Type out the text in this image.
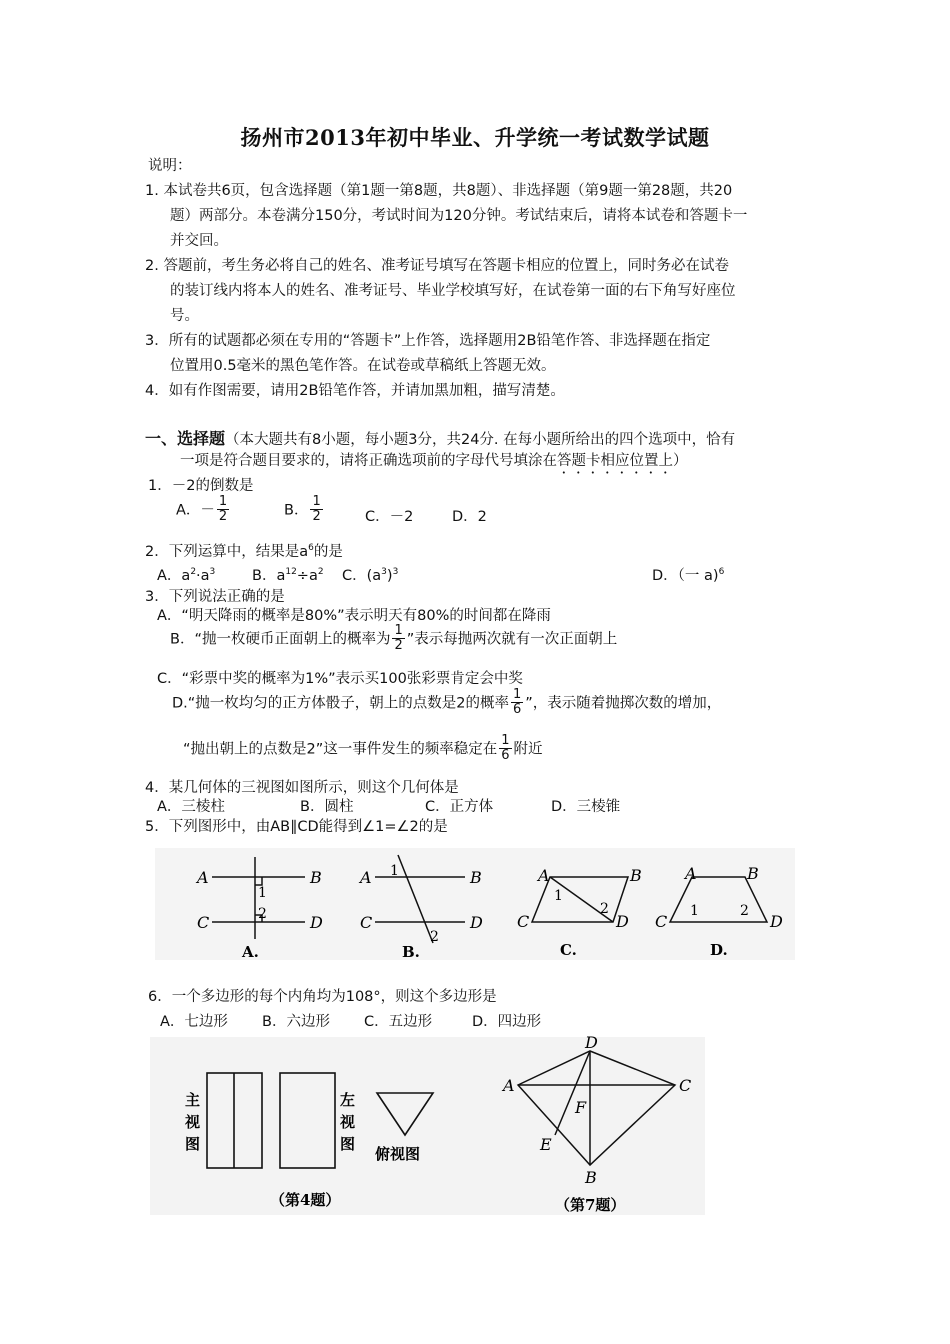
扬州市2013年初中毕业、升学统一考试数学试题
说明：
1. 本试卷共6页，包含选择题（第1题一第8题，共8题）、非选择题（第9题一第28题，共20
题）两部分。本卷满分150分，考试时间为120分钟。考试结束后，请将本试卷和答题卡一
并交回。
2. 答题前，考生务必将自己的姓名、准考证号填写在答题卡相应的位置上，同时务必在试卷
的装订线内将本人的姓名、准考证号、毕业学校填写好，在试卷第一面的右下角写好座位
号。
3．所有的试题都必须在专用的“答题卡”上作答，选择题用2B铅笔作答、非选择题在指定
位置用0.5毫米的黑色笔作答。在试卷或草稿纸上答题无效。
4．如有作图需要，请用2B铅笔作答，并请加黑加粗，描写清楚。
一、选择题（本大题共有8小题，每小题3分，共24分. 在每小题所给出的四个选项中，恰有
一项是符合题目要求的，请将正确选项前的字母代号填涂在答题卡相应位置上）
1．－2的倒数是
A．－ $\frac{1}{2}$	B． $\frac{1}{2}$	C．－2	D．2
2．下列运算中，结果是$a^6$的是
A．$a^2\cdot a^3$	B．$a^{12}\div a^2$ C．$(a^3)^3$	D．（一 a)$^6$
3．下列说法正确的是
A．“明天降雨的概率是80%”表示明天有80%的时间都在降雨
B．“抛一枚硬币正面朝上的概率为 $\frac{1}{2}$ ”表示每抛两次就有一次正面朝上
C．“彩票中奖的概率为1%”表示买100张彩票肯定会中奖
D.“抛一枚均匀的正方体骰子，朝上的点数是2的概率 $\frac{1}{6}$ ”，表示随着抛掷次数的增加，
“抛出朝上的点数是2”这一事件发生的频率稳定在 $\frac{1}{6}$ 附近
4．某几何体的三视图如图所示，则这个几何体是
A．三棱柱	B．圆柱	C．正方体	D．三棱锥
5．下列图形中，由AB∥CD能得到∠1=∠2的是
A	B
C	D
A	B
C	D
A	B
C	D
A	B
C	D
1
2
1
2
1
2	1	2
A.	B.	C.	D.
6．一个多边形的每个内角均为108°，则这个多边形是
A．七边形 B．六边形 C．五边形	D．四边形
主
视
图
左
视
图
俯视图
（第4题）
D
A	C
F
E
B
（第7题）
